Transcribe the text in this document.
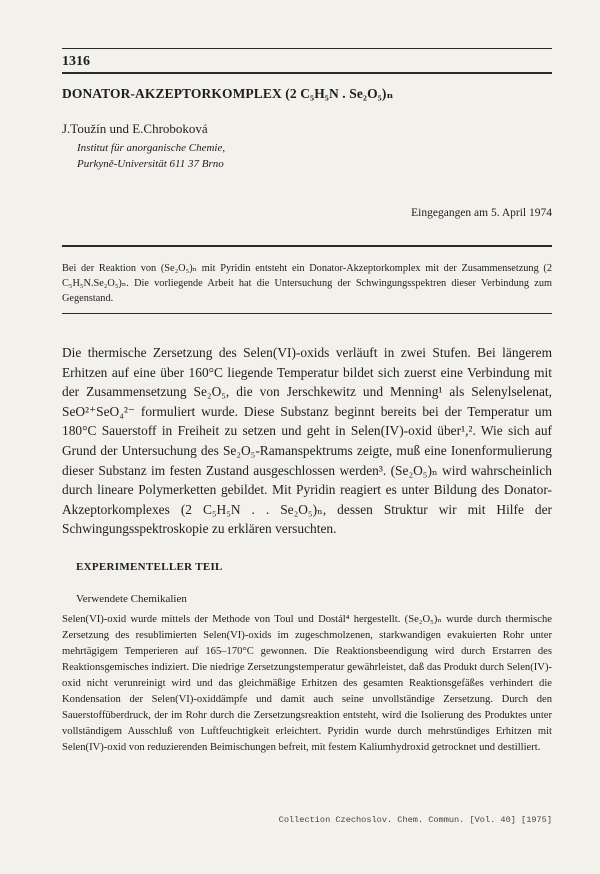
1316
DONATOR-AKZEPTORKOMPLEX (2 C₅H₅N . Se₂O₅)ₙ
J.Toužín und E.Chroboková
Institut für anorganische Chemie,
Purkyně-Universität 611 37 Brno
Eingegangen am 5. April 1974
Bei der Reaktion von (Se₂O₅)ₙ mit Pyridin entsteht ein Donator-Akzeptorkomplex mit der Zusammensetzung (2 C₅H₅N.Se₂O₅)ₙ. Die vorliegende Arbeit hat die Untersuchung der Schwingungsspektren dieser Verbindung zum Gegenstand.
Die thermische Zersetzung des Selen(VI)-oxids verläuft in zwei Stufen. Bei längerem Erhitzen auf eine über 160°C liegende Temperatur bildet sich zuerst eine Verbindung mit der Zusammensetzung Se₂O₅, die von Jerschkewitz und Menning¹ als Selenylselenat, SeO²⁺SeO₄²⁻ formuliert wurde. Diese Substanz beginnt bereits bei der Temperatur um 180°C Sauerstoff in Freiheit zu setzen und geht in Selen(IV)-oxid über¹,². Wie sich auf Grund der Untersuchung des Se₂O₅-Ramanspektrums zeigte, muß eine Ionenformulierung dieser Substanz im festen Zustand ausgeschlossen werden³. (Se₂O₅)ₙ wird wahrscheinlich durch lineare Polymerketten gebildet. Mit Pyridin reagiert es unter Bildung des Donator-Akzeptorkomplexes (2 C₅H₅N . . Se₂O₅)ₙ, dessen Struktur wir mit Hilfe der Schwingungsspektroskopie zu erklären versuchten.
EXPERIMENTELLER TEIL
Verwendete Chemikalien
Selen(VI)-oxid wurde mittels der Methode von Toul und Dostál⁴ hergestellt. (Se₂O₅)ₙ wurde durch thermische Zersetzung des resublimierten Selen(VI)-oxids im zugeschmolzenen, starkwandigen evakuierten Rohr unter mehrtägigem Temperieren auf 165–170°C gewonnen. Die Reaktionsbeendigung wird durch Erstarren des Reaktionsgemisches indiziert. Die niedrige Zersetzungstemperatur gewährleistet, daß das Produkt durch Selen(IV)-oxid nicht verunreinigt wird und das gleichmäßige Erhitzen des gesamten Reaktionsgefäßes verhindert die Kondensation der Selen(VI)-oxiddämpfe und damit auch seine unvollständige Zersetzung. Durch den Sauerstoffüberdruck, der im Rohr durch die Zersetzungsreaktion entsteht, wird die Isolierung des Produktes unter vollständigem Ausschluß von Luftfeuchtigkeit erleichtert. Pyridin wurde durch mehrstündiges Erhitzen mit Selen(IV)-oxid von reduzierenden Beimischungen befreit, mit festem Kaliumhydroxid getrocknet und destilliert.
Collection Czechoslov. Chem. Commun. [Vol. 40] [1975]
